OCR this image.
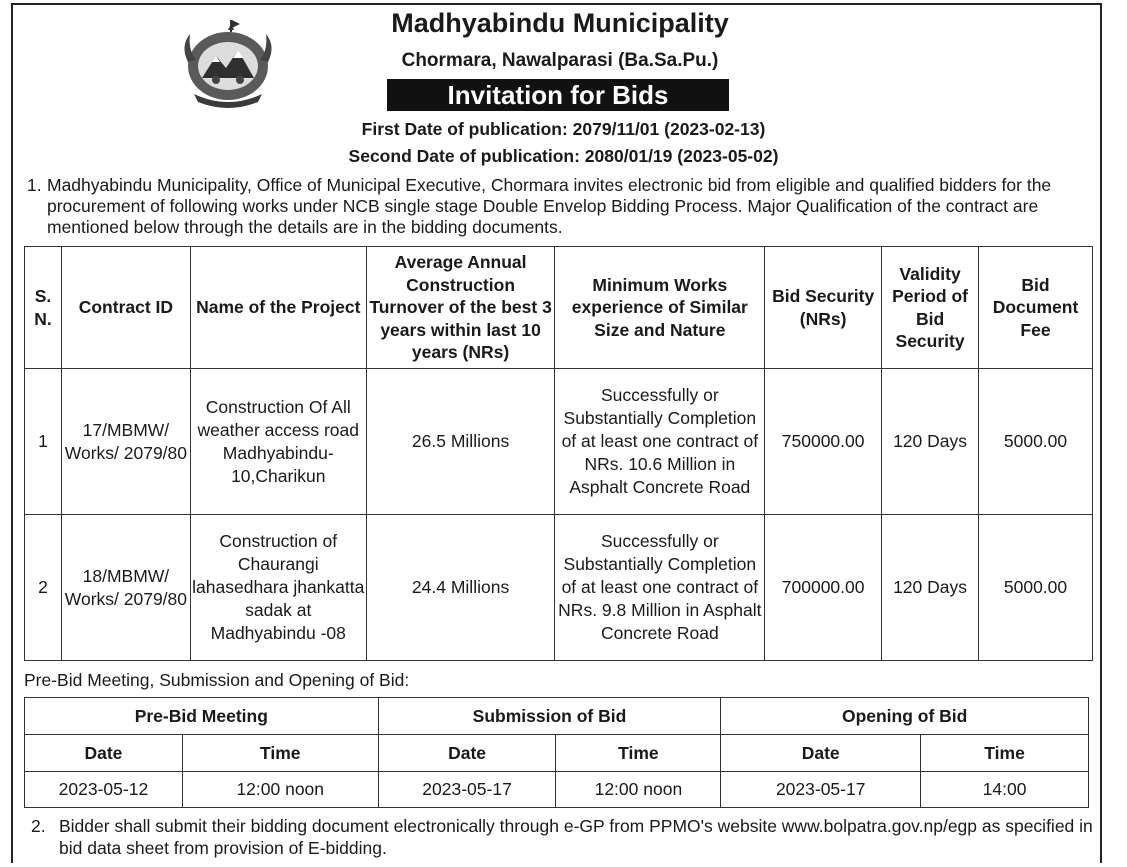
Madhyabindu Municipality
Chormara, Nawalparasi (Ba.Sa.Pu.)
Invitation for Bids
First Date of publication: 2079/11/01 (2023-02-13)
Second Date of publication: 2080/01/19 (2023-05-02)
1. Madhyabindu Municipality, Office of Municipal Executive, Chormara invites electronic bid from eligible and qualified bidders for the procurement of following works under NCB single stage Double Envelop Bidding Process. Major Qualification of the contract are mentioned below through the details are in the bidding documents.
S. N.	Contract ID	Name of the Project	Average Annual Construction Turnover of the best 3 years within last 10 years (NRs)	Minimum Works experience of Similar Size and Nature	Bid Security (NRs)	Validity Period of Bid Security	Bid Document Fee
1	17/MBMW/ Works/ 2079/80	Construction Of All weather access road Madhyabindu-10,Charikun	26.5 Millions	Successfully or Substantially Completion of at least one contract of NRs. 10.6 Million in Asphalt Concrete Road	750000.00	120 Days	5000.00
2	18/MBMW/ Works/ 2079/80	Construction of Chaurangi lahasedhara jhankatta sadak at Madhyabindu -08	24.4 Millions	Successfully or Substantially Completion of at least one contract of NRs. 9.8 Million in Asphalt Concrete Road	700000.00	120 Days	5000.00
Pre-Bid Meeting, Submission and Opening of Bid:
Pre-Bid Meeting		Submission of Bid		Opening of Bid	
Date	Time	Date	Time	Date	Time
2023-05-12	12:00 noon	2023-05-17	12:00 noon	2023-05-17	14:00
2. Bidder shall submit their bidding document electronically through e-GP from PPMO's website www.bolpatra.gov.np/egp as specified in bid data sheet from provision of E-bidding.
